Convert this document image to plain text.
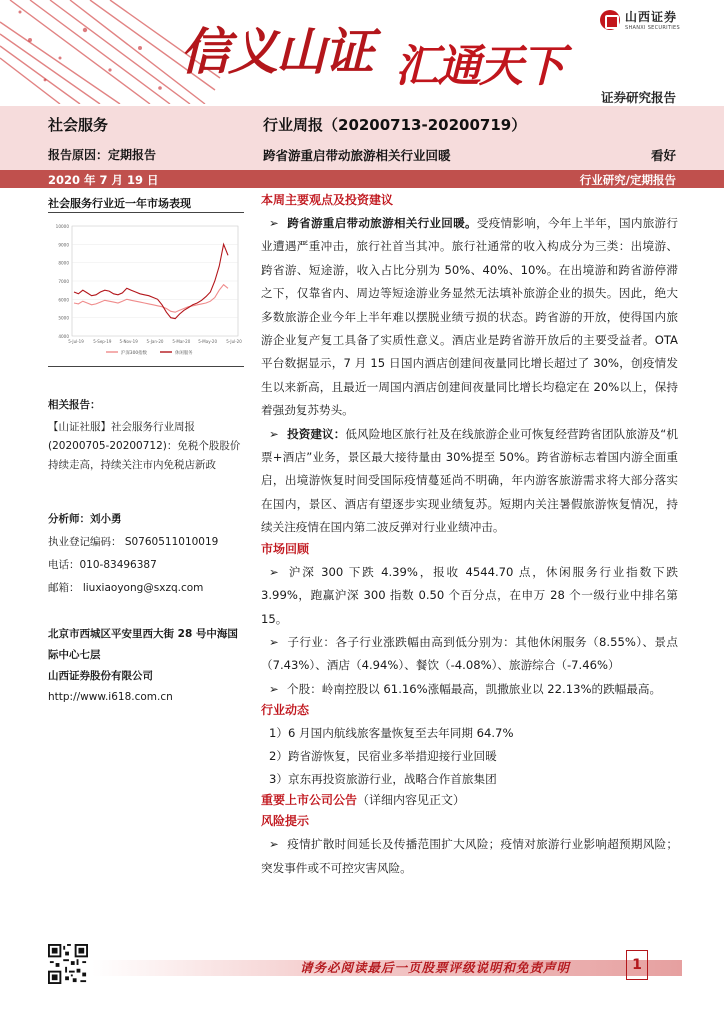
信义山证 汇通天下
山西证券
SHANXI SECURITIES
证券研究报告
社会服务
报告原因：定期报告
行业周报（20200713-20200719）
跨省游重启带动旅游相关行业回暖	看好
2020 年 7 月 19 日	行业研究/定期报告
社会服务行业近一年市场表现
10000
9000
8000
7000
6000
5000
4000
5-Jul-19 5-Sep-19 5-Nov-19 5-Jan-20 5-Mar-20 5-May-20 5-Jul-20
沪深300指数	休闲服务
相关报告：
【山证社服】社会服务行业周报(20200705-20200712)：免税个股股价持续走高，持续关注市内免税店新政
分析师：刘小勇
执业登记编码： S0760511010019
电话：010-83496387
邮箱： liuxiaoyong@sxzq.com
北京市西城区平安里西大街 28 号中海国际中心七层
山西证券股份有限公司
http://www.i618.com.cn
本周主要观点及投资建议
➢ 跨省游重启带动旅游相关行业回暖。受疫情影响，今年上半年，国内旅游行业遭遇严重冲击，旅行社首当其冲。旅行社通常的收入构成分为三类：出境游、跨省游、短途游，收入占比分别为 50%、40%、10%。在出境游和跨省游停滞之下，仅靠省内、周边等短途游业务显然无法填补旅游企业的损失。因此，绝大多数旅游企业今年上半年难以摆脱业绩亏损的状态。跨省游的开放，使得国内旅游企业复产复工具备了实质性意义。酒店业是跨省游开放后的主要受益者。OTA 平台数据显示，7 月 15 日国内酒店创建间夜量同比增长超过了 30%，创疫情发生以来新高，且最近一周国内酒店创建间夜量同比增长均稳定在 20%以上，保持着强劲复苏势头。
➢ 投资建议：低风险地区旅行社及在线旅游企业可恢复经营跨省团队旅游及“机票+酒店”业务，景区最大接待量由 30%提至 50%。跨省游标志着国内游全面重启，出境游恢复时间受国际疫情蔓延尚不明确，年内游客旅游需求将大部分落实在国内，景区、酒店有望逐步实现业绩复苏。短期内关注暑假旅游恢复情况，持续关注疫情在国内第二波反弹对行业业绩冲击。
市场回顾
➢ 沪深 300 下跌 4.39%，报收 4544.70 点，休闲服务行业指数下跌 3.99%，跑赢沪深 300 指数 0.50 个百分点，在申万 28 个一级行业中排名第 15。
➢ 子行业：各子行业涨跌幅由高到低分别为：其他休闲服务（8.55%）、景点（7.43%）、酒店（4.94%）、餐饮（-4.08%）、旅游综合（-7.46%）
➢ 个股：岭南控股以 61.16%涨幅最高，凯撒旅业以 22.13%的跌幅最高。
行业动态
1）6 月国内航线旅客量恢复至去年同期 64.7%
2）跨省游恢复，民宿业多举措迎接行业回暖
3）京东再投资旅游行业，战略合作首旅集团
重要上市公司公告（详细内容见正文）
风险提示
➢ 疫情扩散时间延长及传播范围扩大风险；疫情对旅游行业影响超预期风险；突发事件或不可控灾害风险。
请务必阅读最后一页股票评级说明和免责声明	1
